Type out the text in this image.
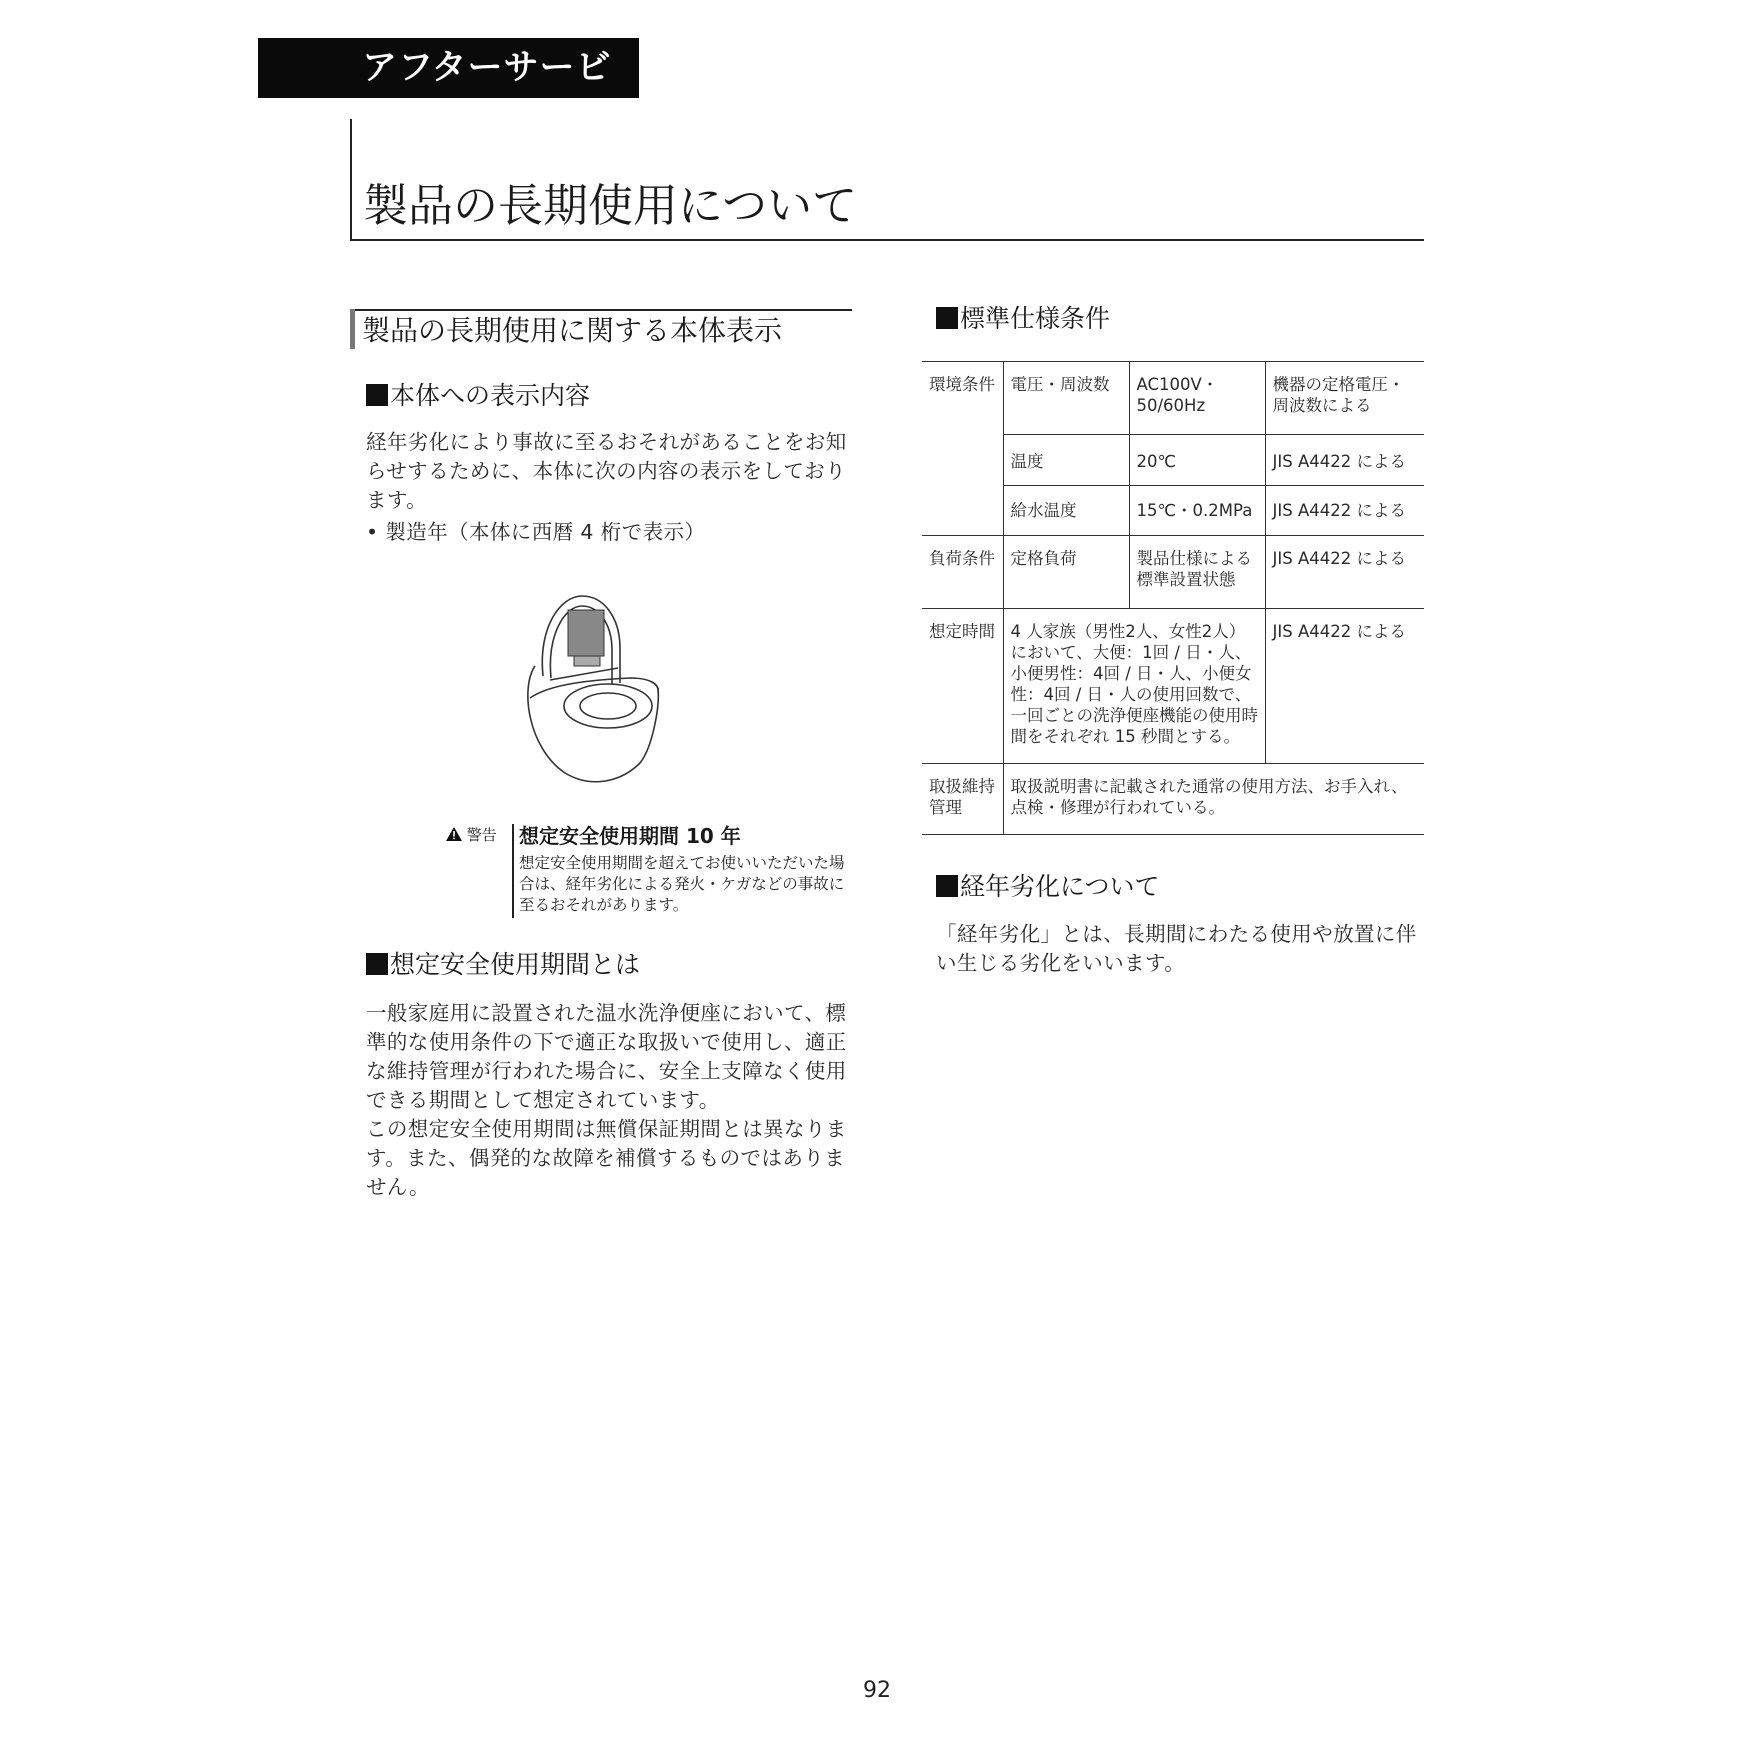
アフターサービス
製品の長期使用について
製品の長期使用に関する本体表示
本体への表示内容
経年劣化により事故に至るおそれがあることをお知らせするために、本体に次の内容の表示をしております。
• 製造年（本体に西暦 4 桁で表示）
警告 想定安全使用期間 10 年
想定安全使用期間を超えてお使いいただいた場合は、経年劣化による発火・ケガなどの事故に至るおそれがあります。
想定安全使用期間とは
一般家庭用に設置された温水洗浄便座において、標準的な使用条件の下で適正な取扱いで使用し、適正な維持管理が行われた場合に、安全上支障なく使用できる期間として想定されています。
この想定安全使用期間は無償保証期間とは異なります。また、偶発的な故障を補償するものではありません。
標準仕様条件
環境条件	電圧・周波数	AC100V・50/60Hz	機器の定格電圧・周波数による
	温度	20℃	JIS A4422 による
	給水温度	15℃・0.2MPa	JIS A4422 による
負荷条件	定格負荷	製品仕様による標準設置状態	JIS A4422 による
想定時間	4 人家族（男性2人、女性2人）において、大便：1回 / 日・人、小便男性：4回 / 日・人、小便女性：4回 / 日・人の使用回数で、一回ごとの洗浄便座機能の使用時間をそれぞれ 15 秒間とする。		JIS A4422 による
取扱維持管理	取扱説明書に記載された通常の使用方法、お手入れ、点検・修理が行われている。		
経年劣化について
「経年劣化」とは、長期間にわたる使用や放置に伴い生じる劣化をいいます。
92
